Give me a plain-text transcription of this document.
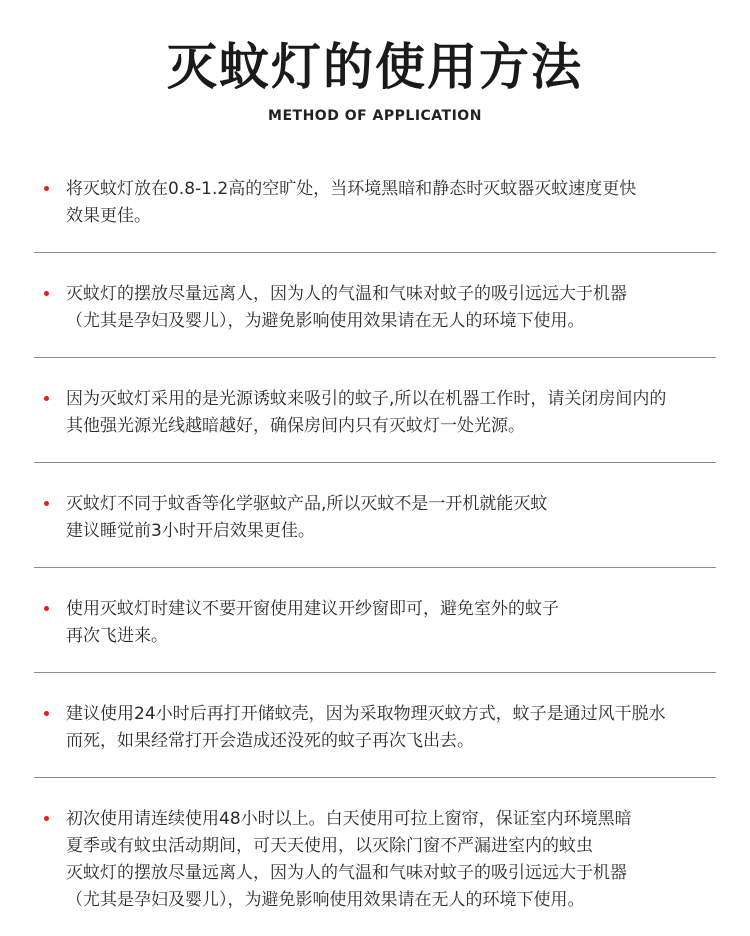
灭蚊灯的使用方法
METHOD OF APPLICATION
将灭蚊灯放在0.8-1.2高的空旷处，当环境黑暗和静态时灭蚊器灭蚊速度更快
效果更佳。
灭蚊灯的摆放尽量远离人，因为人的气温和气味对蚊子的吸引远远大于机器
（尤其是孕妇及婴儿），为避免影响使用效果请在无人的环境下使用。
因为灭蚊灯采用的是光源诱蚊来吸引的蚊子,所以在机器工作时，请关闭房间内的
其他强光源光线越暗越好，确保房间内只有灭蚊灯一处光源。
灭蚊灯不同于蚊香等化学驱蚊产品,所以灭蚊不是一开机就能灭蚊
建议睡觉前3小时开启效果更佳。
使用灭蚊灯时建议不要开窗使用建议开纱窗即可，避免室外的蚊子
再次飞进来。
建议使用24小时后再打开储蚊壳，因为采取物理灭蚊方式，蚊子是通过风干脱水
而死，如果经常打开会造成还没死的蚊子再次飞出去。
初次使用请连续使用48小时以上。白天使用可拉上窗帘，保证室内环境黑暗
夏季或有蚊虫活动期间，可天天使用，以灭除门窗不严漏进室内的蚊虫
灭蚊灯的摆放尽量远离人，因为人的气温和气味对蚊子的吸引远远大于机器
（尤其是孕妇及婴儿），为避免影响使用效果请在无人的环境下使用。
